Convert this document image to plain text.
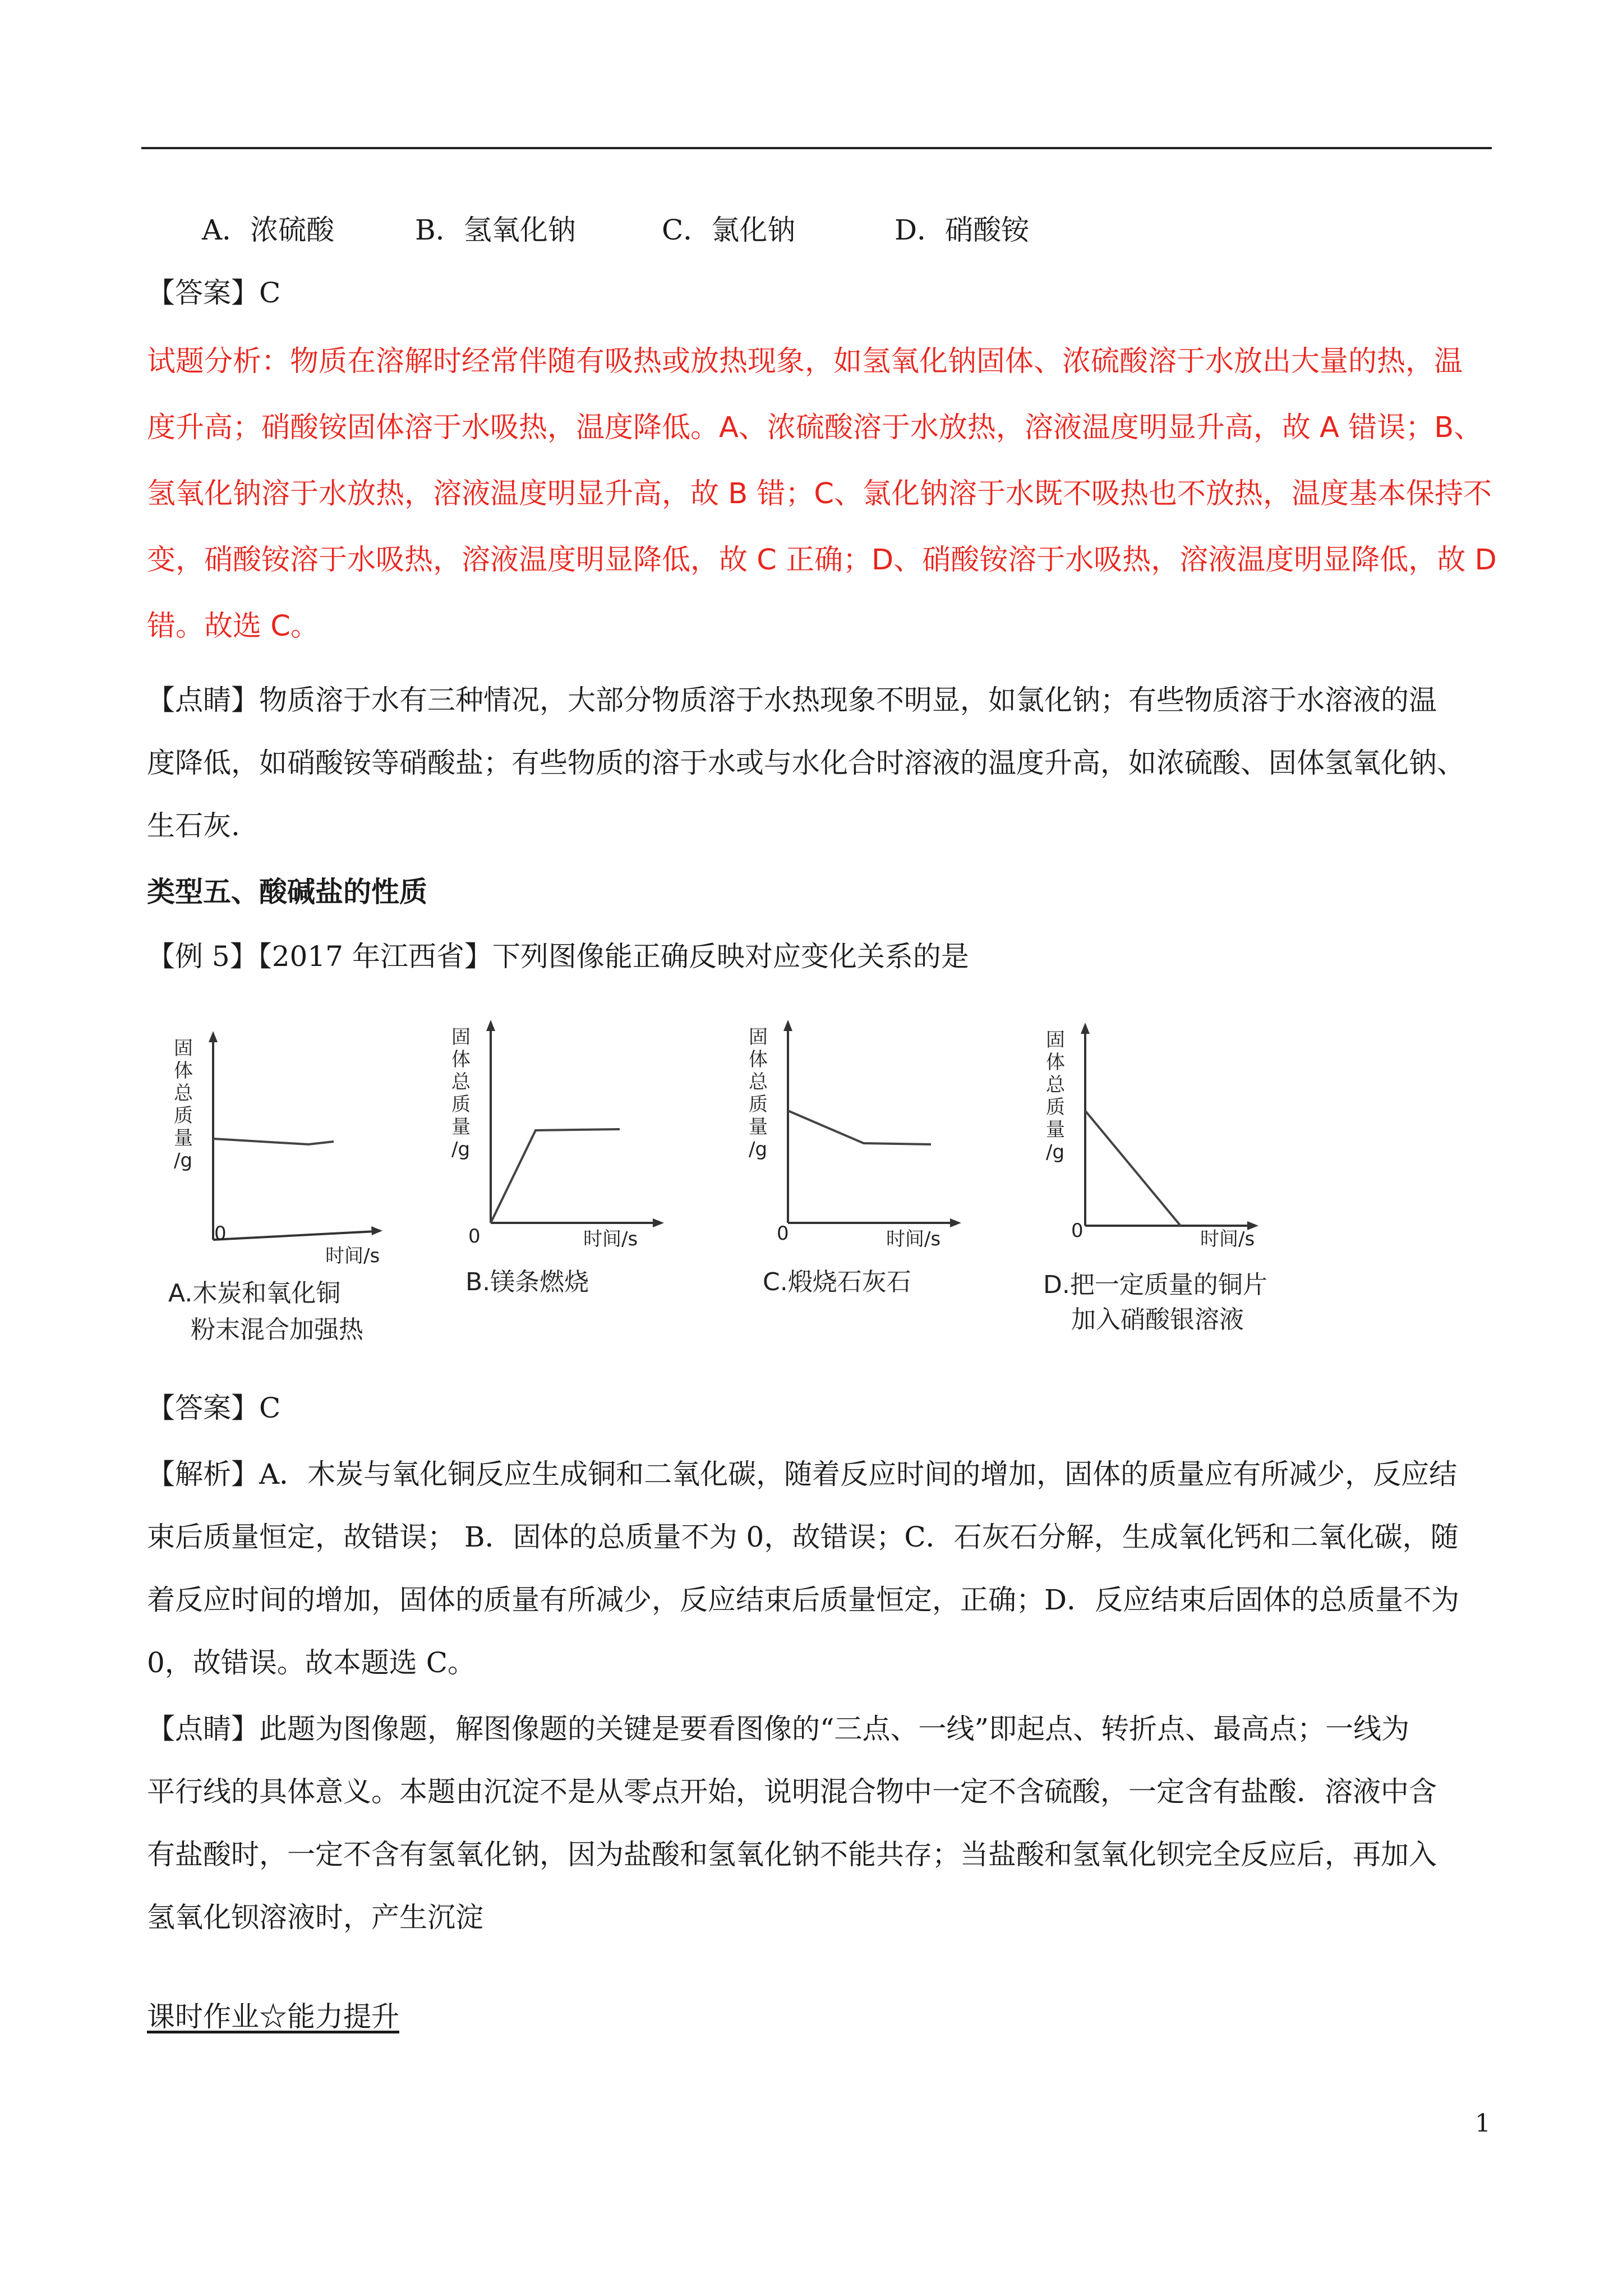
A．浓硫酸	B．氢氧化钠	C．氯化钠	D．硝酸铵
【答案】C
试题分析：物质在溶解时经常伴随有吸热或放热现象，如氢氧化钠固体、浓硫酸溶于水放出大量的热，温
度升高；硝酸铵固体溶于水吸热，温度降低。A、浓硫酸溶于水放热，溶液温度明显升高，故 A 错误；B、
氢氧化钠溶于水放热，溶液温度明显升高，故 B 错；C、氯化钠溶于水既不吸热也不放热，温度基本保持不
变，硝酸铵溶于水吸热，溶液温度明显降低，故 C 正确；D、硝酸铵溶于水吸热，溶液温度明显降低，故 D
错。故选 C。
【点睛】物质溶于水有三种情况，大部分物质溶于水热现象不明显，如氯化钠；有些物质溶于水溶液的温
度降低，如硝酸铵等硝酸盐；有些物质的溶于水或与水化合时溶液的温度升高，如浓硫酸、固体氢氧化钠、
生石灰.
类型五、酸碱盐的性质
【例 5】【2017 年江西省】下列图像能正确反映对应变化关系的是
固
体
总
质
量
/g
0
时间/s
A.木炭和氧化铜
粉末混合加强热
固
体
总
质
量
/g
0	时间/s
B.镁条燃烧
固
体
总
质
量
/g
0	时间/s
C.煅烧石灰石
固
体
总
质
量
/g
0	时间/s
D.把一定质量的铜片
加入硝酸银溶液
【答案】C
【解析】A．木炭与氧化铜反应生成铜和二氧化碳，随着反应时间的增加，固体的质量应有所减少，反应结
束后质量恒定，故错误； B．固体的总质量不为 0，故错误；C．石灰石分解，生成氧化钙和二氧化碳，随
着反应时间的增加，固体的质量有所减少，反应结束后质量恒定，正确；D．反应结束后固体的总质量不为
0，故错误。故本题选 C。
【点睛】此题为图像题，解图像题的关键是要看图像的“三点、一线”即起点、转折点、最高点；一线为
平行线的具体意义。本题由沉淀不是从零点开始，说明混合物中一定不含硫酸，一定含有盐酸．溶液中含
有盐酸时，一定不含有氢氧化钠，因为盐酸和氢氧化钠不能共存；当盐酸和氢氧化钡完全反应后，再加入
氢氧化钡溶液时，产生沉淀
课时作业☆能力提升
1
